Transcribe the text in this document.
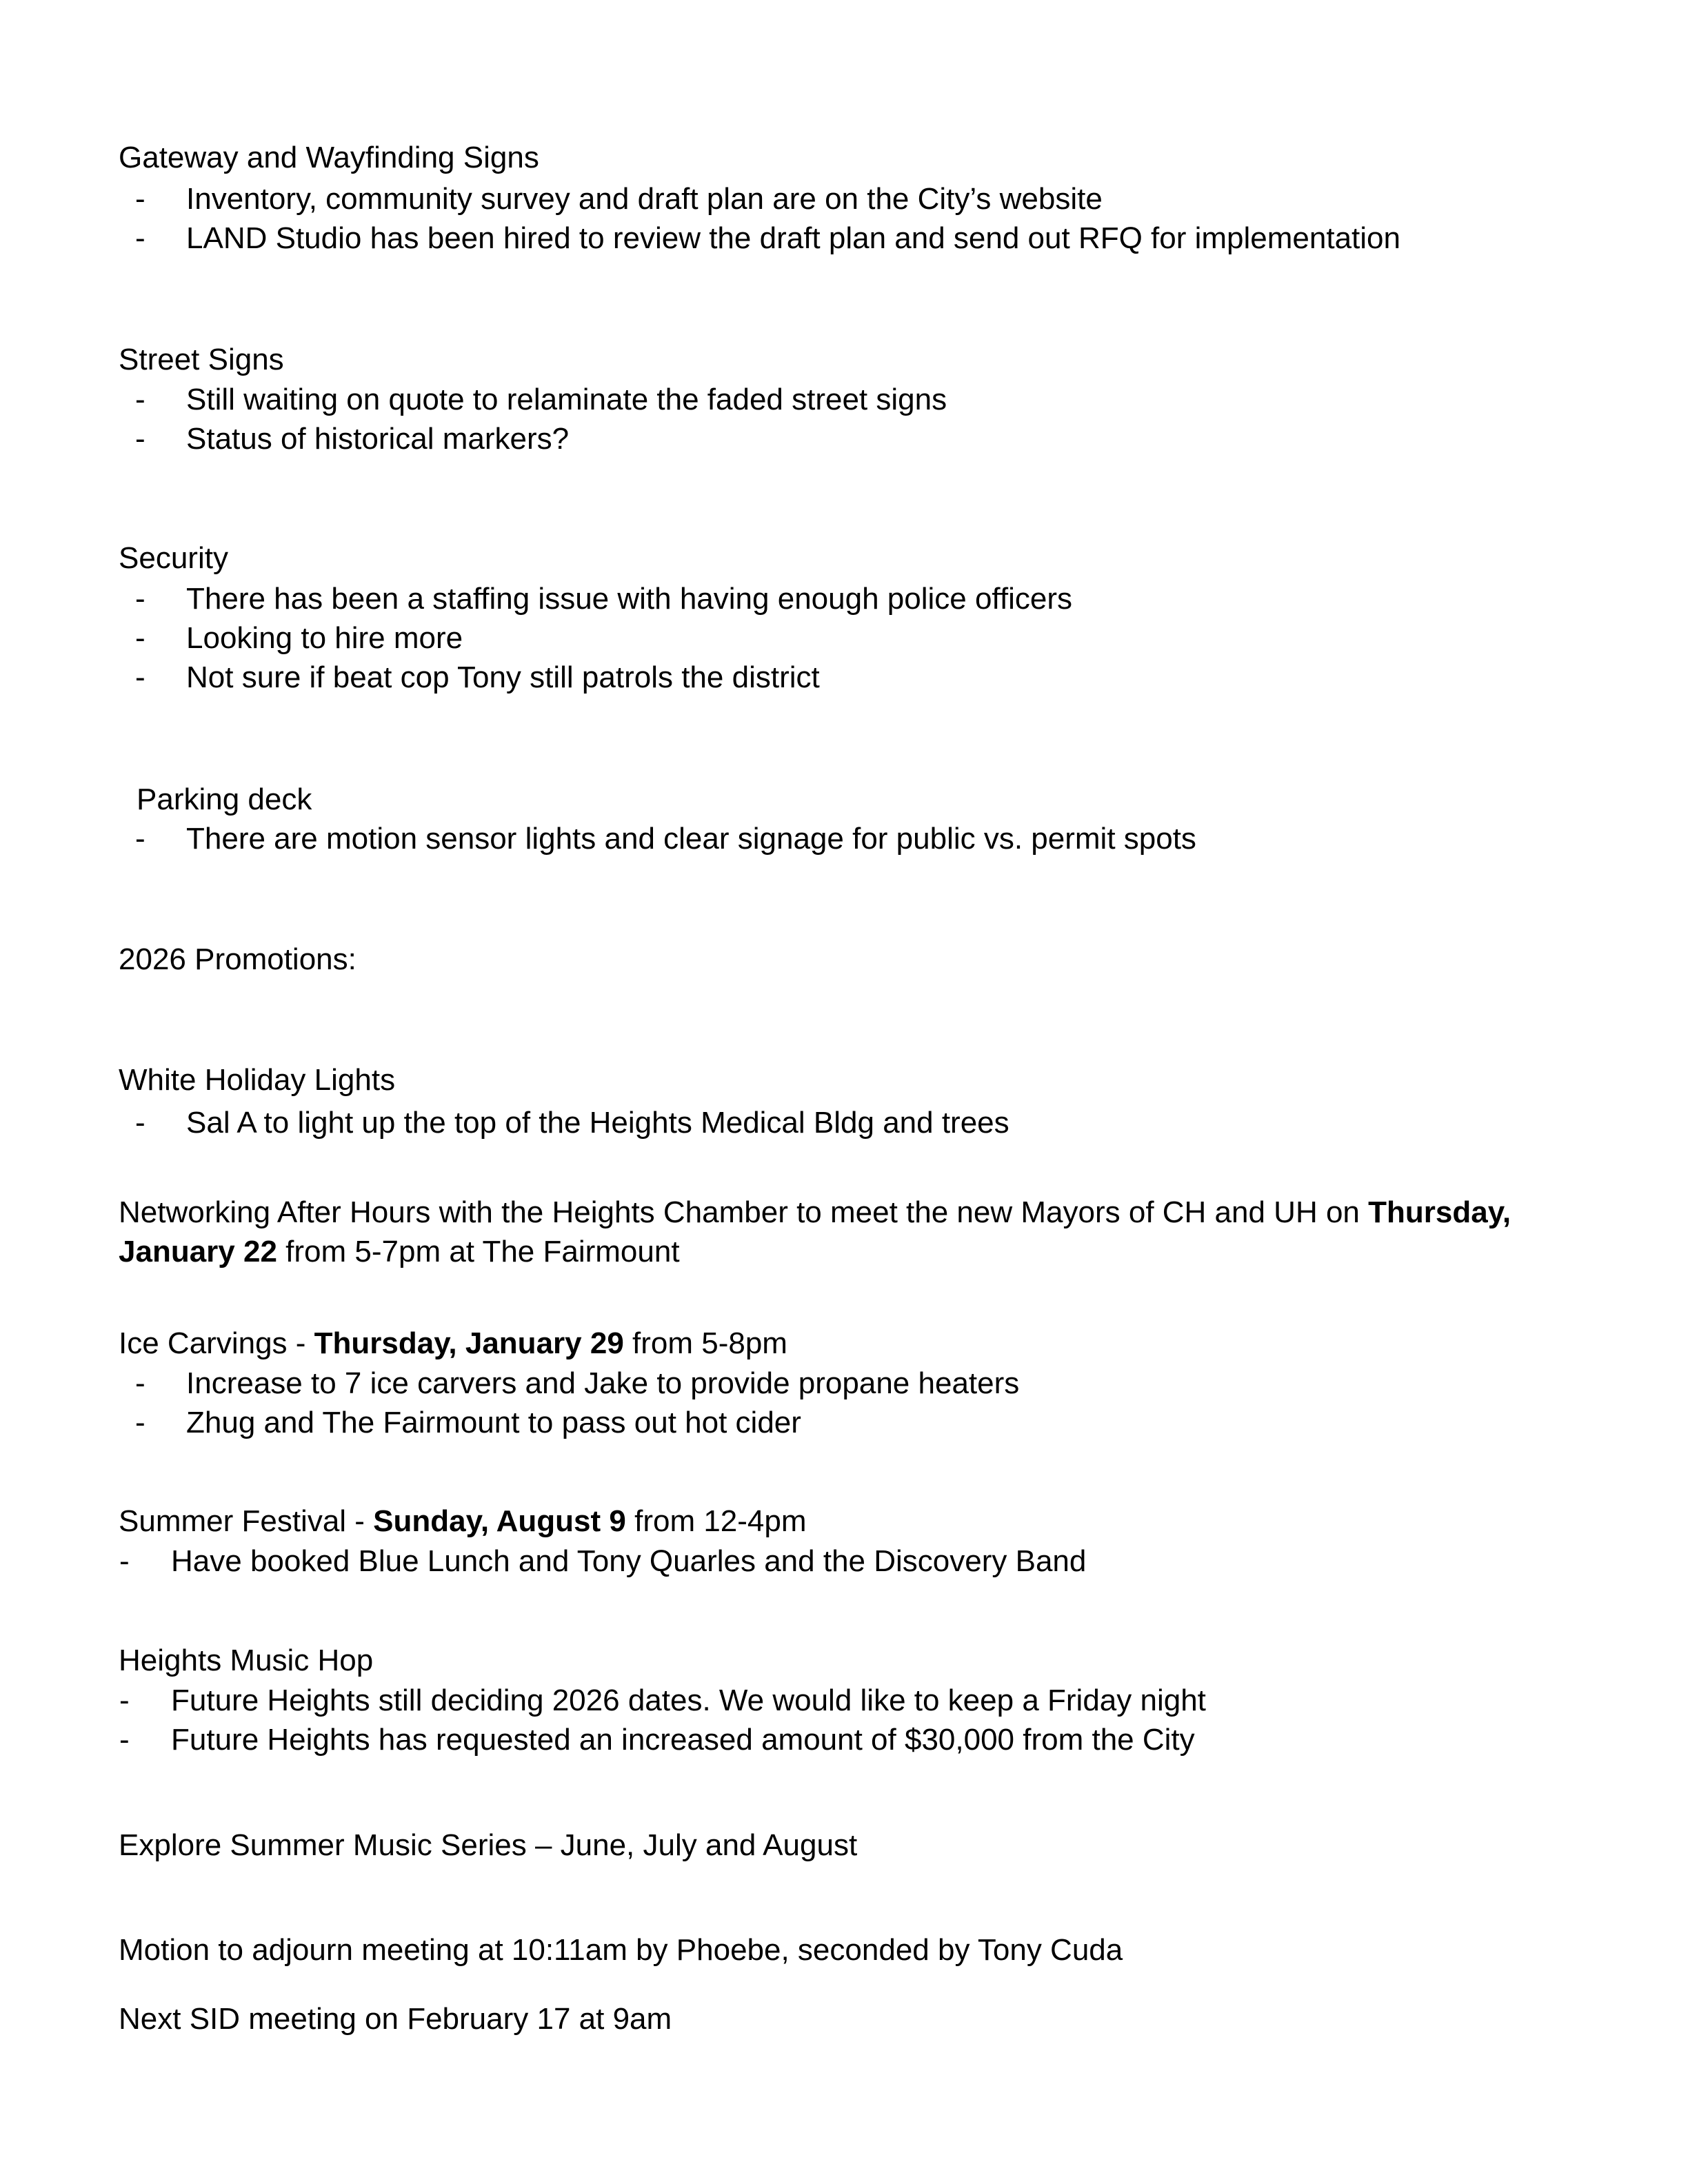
Gateway and Wayfinding Signs
-	Inventory, community survey and draft plan are on the City’s website
-	LAND Studio has been hired to review the draft plan and send out RFQ for implementation
Street Signs
-	Still waiting on quote to relaminate the faded street signs
-	Status of historical markers?
Security
-	There has been a staffing issue with having enough police officers
-	Looking to hire more
-	Not sure if beat cop Tony still patrols the district
Parking deck
-	There are motion sensor lights and clear signage for public vs. permit spots
2026 Promotions:
White Holiday Lights
-	Sal A to light up the top of the Heights Medical Bldg and trees
Networking After Hours with the Heights Chamber to meet the new Mayors of CH and UH on Thursday, January 22 from 5-7pm at The Fairmount
Ice Carvings - Thursday, January 29 from 5-8pm
-	Increase to 7 ice carvers and Jake to provide propane heaters
-	Zhug and The Fairmount to pass out hot cider
Summer Festival - Sunday, August 9 from 12-4pm
-	Have booked Blue Lunch and Tony Quarles and the Discovery Band
Heights Music Hop
-	Future Heights still deciding 2026 dates. We would like to keep a Friday night
-	Future Heights has requested an increased amount of $30,000 from the City
Explore Summer Music Series – June, July and August
Motion to adjourn meeting at 10:11am by Phoebe, seconded by Tony Cuda
Next SID meeting on February 17 at 9am
